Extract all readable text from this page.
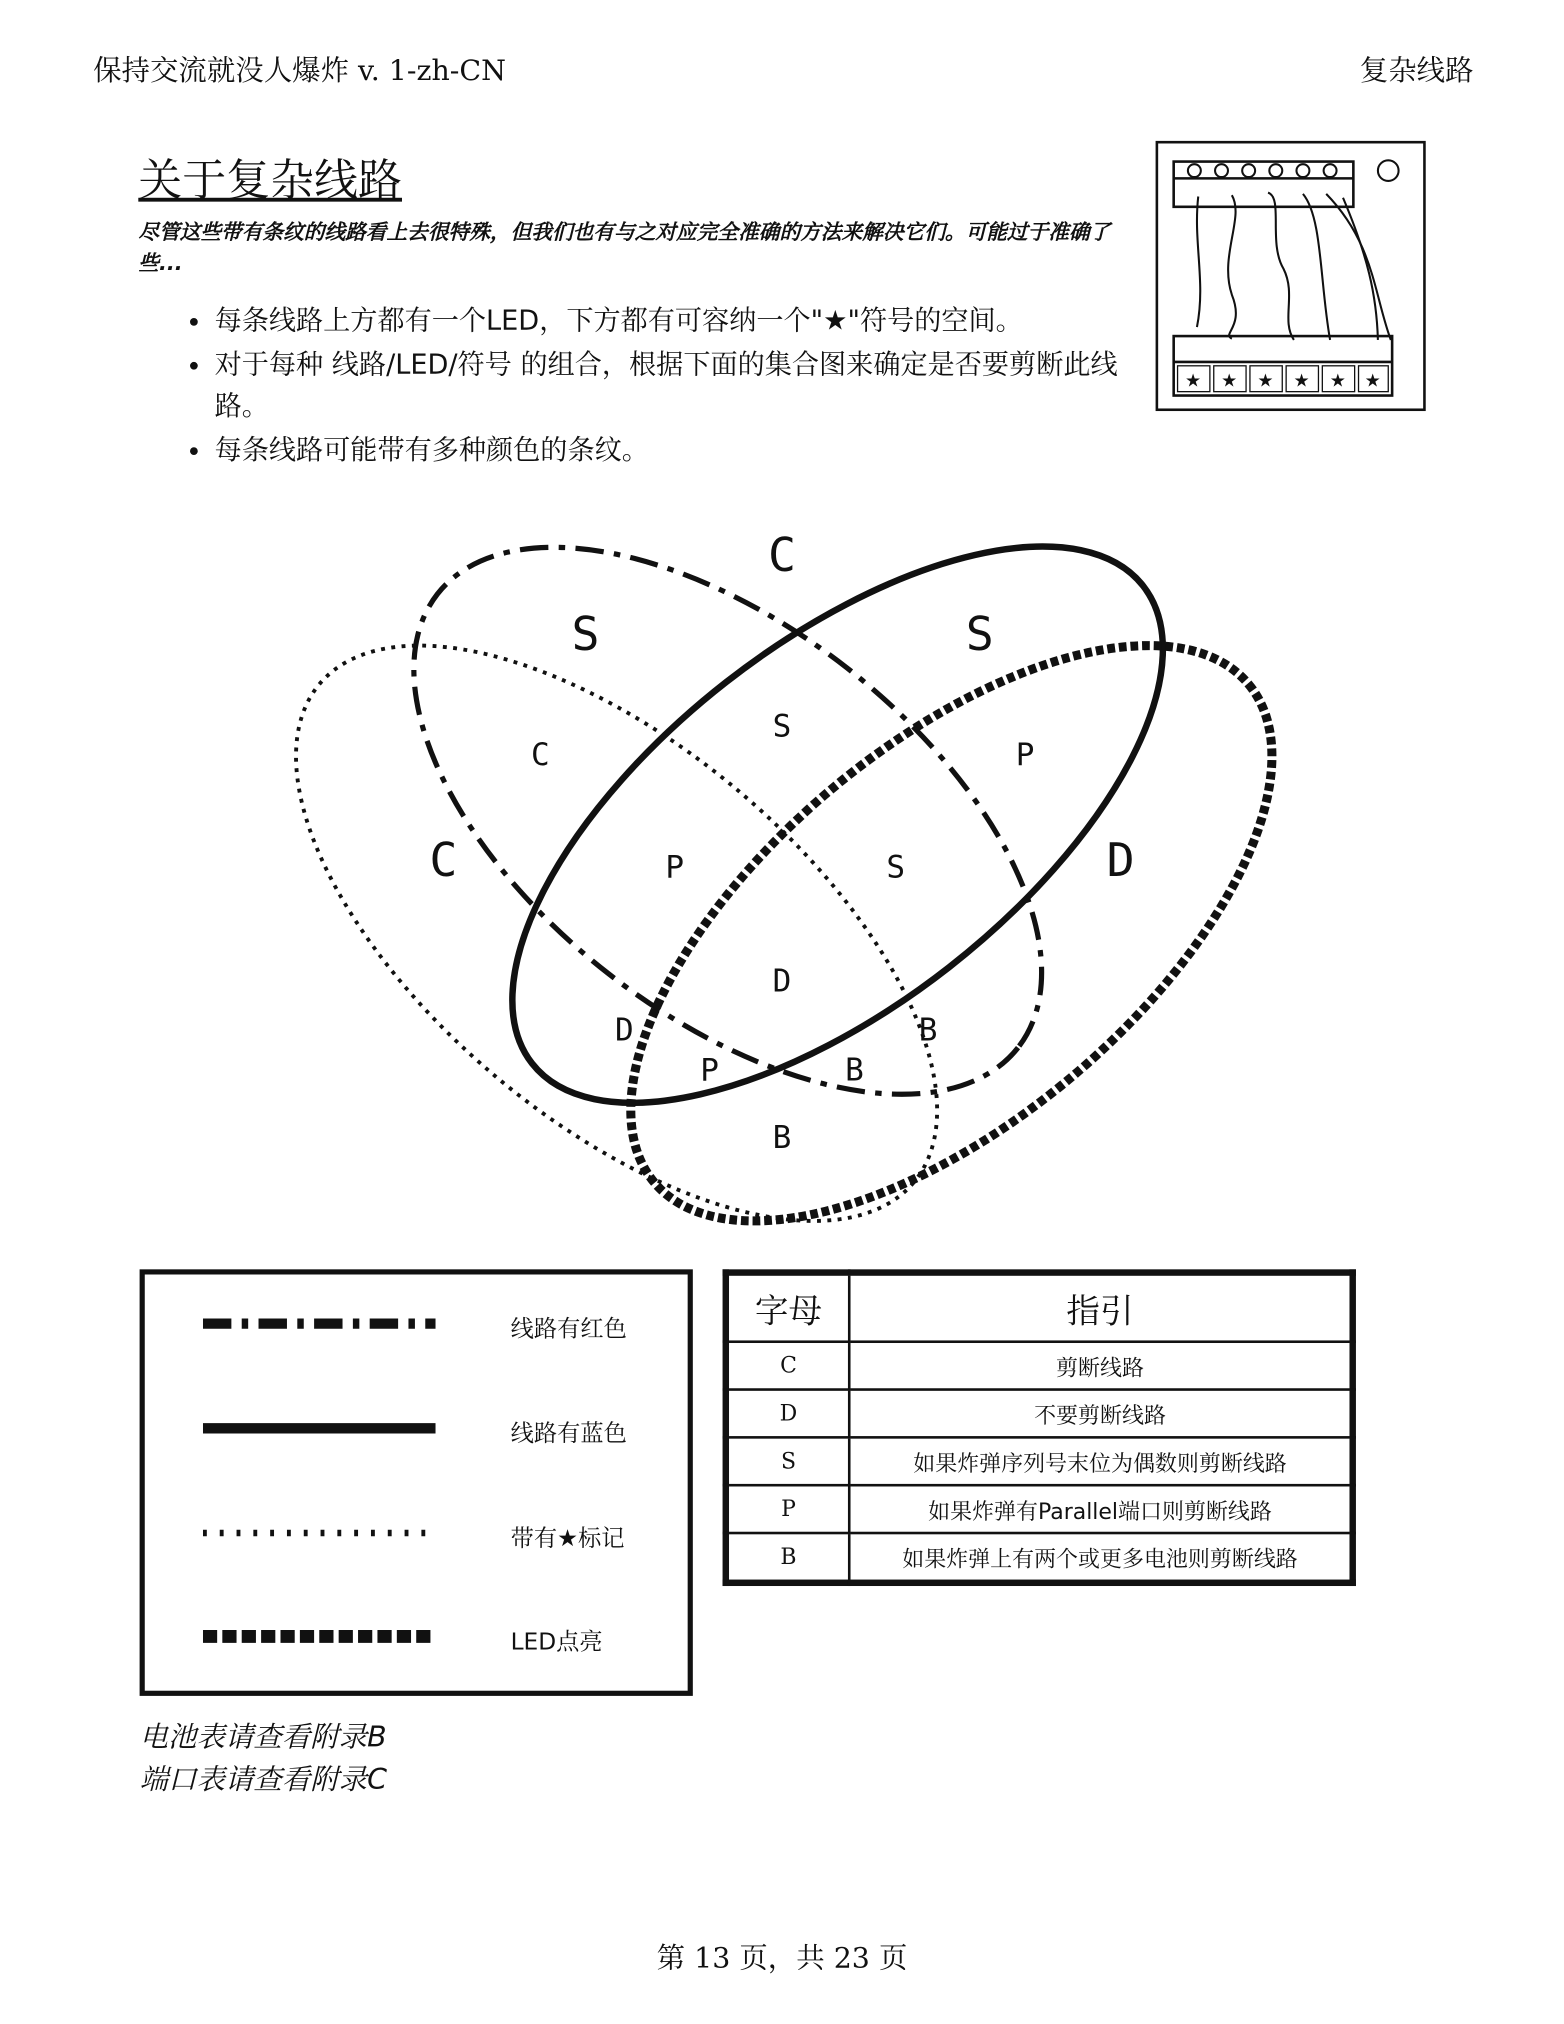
保持交流就没人爆炸 v. 1-zh-CN	复杂线路
关于复杂线路
尽管这些带有条纹的线路看上去很特殊，但我们也有与之对应完全准确的方法来解决它们。可能过于准确了些...
• 每条线路上方都有一个LED，下方都有可容纳一个"★"符号的空间。
• 对于每种 线路/LED/符号 的组合，根据下面的集合图来确定是否要剪断此线路。
• 每条线路可能带有多种颜色的条纹。
★ ★ ★ ★ ★ ★
C
S	S
C	D
S
C	P
P	S
D
D	B
P	B
B
线路有红色
线路有蓝色
带有★标记
LED点亮
字母	指引
C	剪断线路
D	不要剪断线路
S	如果炸弹序列号末位为偶数则剪断线路
P	如果炸弹有Parallel端口则剪断线路
B	如果炸弹上有两个或更多电池则剪断线路
电池表请查看附录B
端口表请查看附录C
第 13 页，共 23 页
